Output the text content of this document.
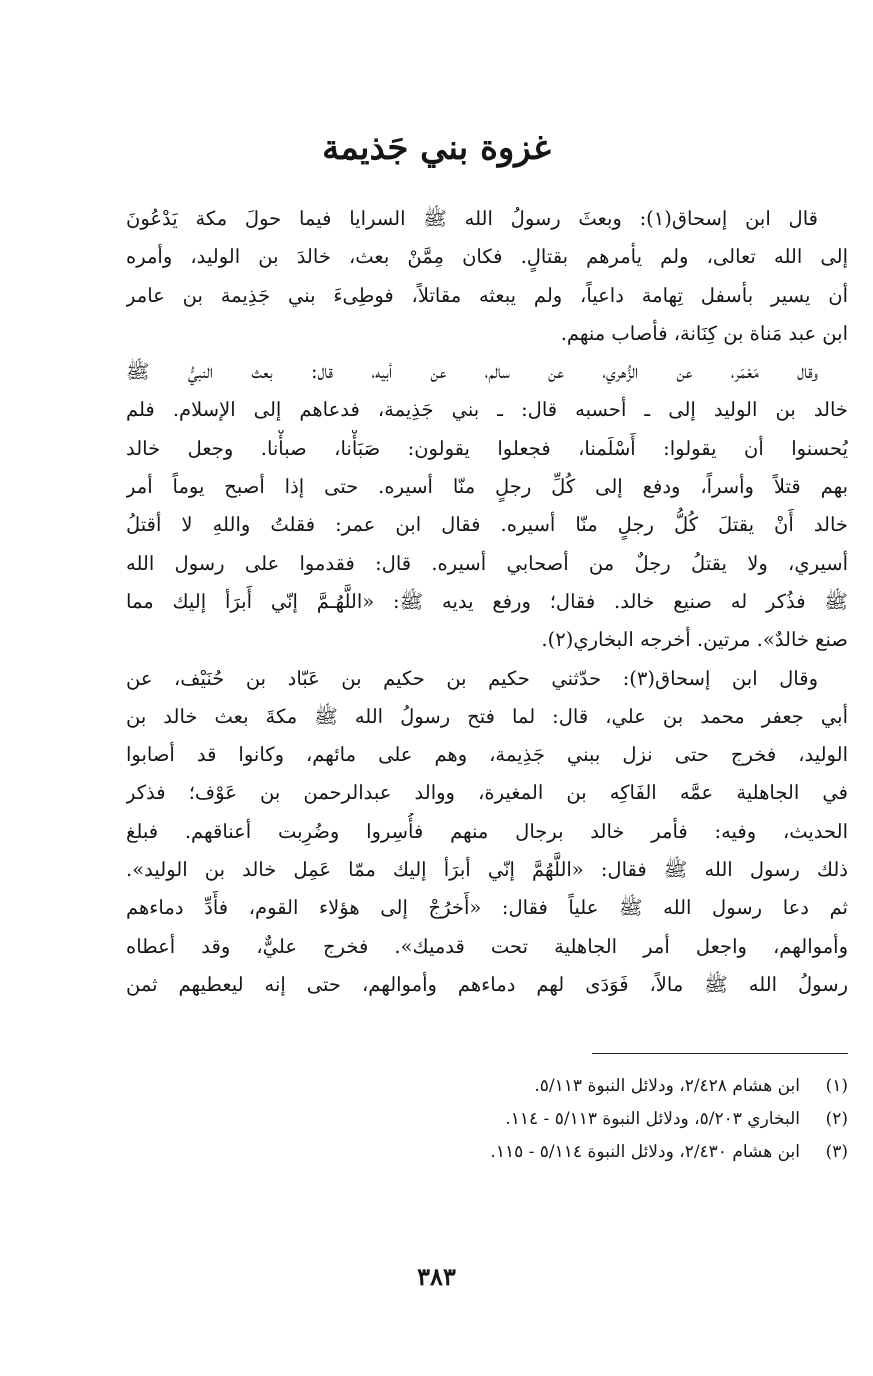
غزوة بني جَذيمة
قال ابن إسحاق(١): وبعثَ رسولُ الله ﷺ السرايا فيما حولَ مكة يَدْعُونَ
إلى الله تعالى، ولم يأمرهم بقتالٍ. فكان مِمَّنْ بعث، خالدَ بن الوليد، وأمره
أن يسير بأسفل تِهامة داعياً، ولم يبعثه مقاتلاً، فوطِىءَ بني جَذِيمة بن عامر
ابن عبد مَناة بن كِنَانة، فأصاب منهم.
وقال مَعْمَر، عن الزُّهري، عن سالم، عن أبيه، قال: بعث النبيُّ ﷺ
خالد بن الوليد إلى ـ أحسبه قال: ـ بني جَذِيمة، فدعاهم إلى الإسلام. فلم
يُحسنوا أن يقولوا: أَسْلَمنا، فجعلوا يقولون: صَبَأْنا، صبأْنا. وجعل خالد
بهم قتلاً وأسراً، ودفع إلى كُلِّ رجلٍ منّا أسيره. حتى إذا أصبح يوماً أمر
خالد أَنْ يقتلَ كُلُّ رجلٍ منّا أسيره. فقال ابن عمر: فقلتُ واللهِ لا أقتلُ
أسيري، ولا يقتلُ رجلٌ من أصحابي أسيره. قال: فقدموا على رسول الله
ﷺ فذُكر له صنيع خالد. فقال؛ ورفع يديه ﷺ: «اللَّهُـمَّ إنّي أَبرَأ إليك مما
صنع خالدٌ». مرتين. أخرجه البخاري(٢).
وقال ابن إسحاق(٣): حدّثني حكيم بن حكيم بن عَبّاد بن حُنَيْف، عن
أبي جعفر محمد بن علي، قال: لما فتح رسولُ الله ﷺ مكةَ بعث خالد بن
الوليد، فخرج حتى نزل ببني جَذِيمة، وهم على مائهم، وكانوا قد أصابوا
في الجاهلية عمَّه الفَاكِه بن المغيرة، ووالد عبدالرحمن بن عَوْف؛ فذكر
الحديث، وفيه: فأمر خالد برجال منهم فأُسِروا وضُرِبت أعناقهم. فبلغ
ذلك رسول الله ﷺ فقال: «اللَّهُمَّ إنّي أبرَأ إليك ممّا عَمِل خالد بن الوليد».
ثم دعا رسول الله ﷺ علياً فقال: «أَخرُجْ إلى هؤلاء القوم، فأَدِّ دماءهم
وأموالهم، واجعل أمر الجاهلية تحت قدميك». فخرج عليٌّ، وقد أعطاه
رسولُ الله ﷺ مالاً، فَوَدَى لهم دماءهم وأموالهم، حتى إنه ليعطيهم ثمن
(١)ابن هشام ٢/٤٢٨، ودلائل النبوة ٥/١١٣.
(٢)البخاري ٥/٢٠٣، ودلائل النبوة ٥/١١٣ - ١١٤.
(٣)ابن هشام ٢/٤٣٠، ودلائل النبوة ٥/١١٤ - ١١٥.
٣٨٣
